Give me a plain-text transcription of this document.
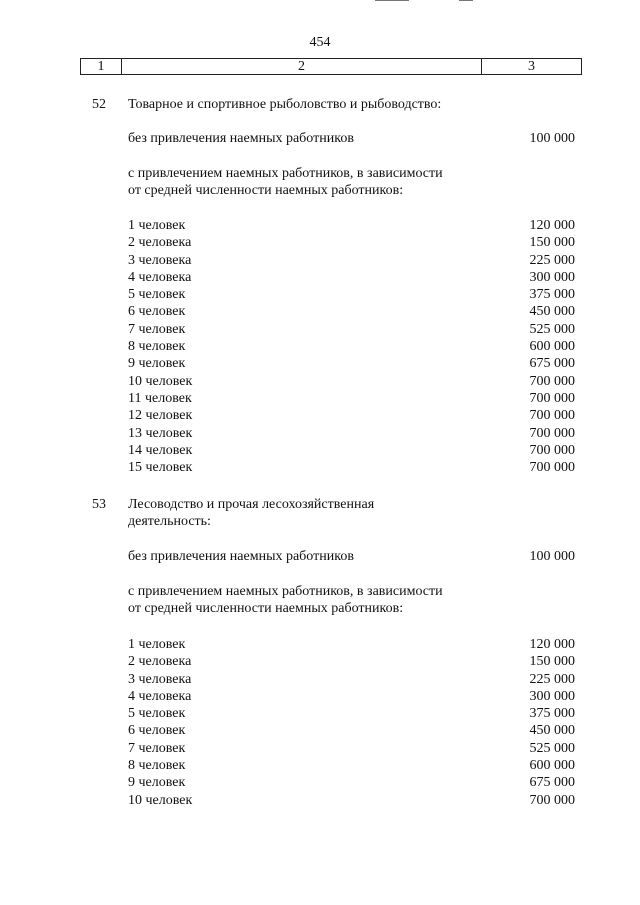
454
1	2	3
52 Товарное и спортивное рыболовство и рыбоводство:
без привлечения наемных работников	100 000
с привлечением наемных работников, в зависимости
от средней численности наемных работников:
1 человек	120 000
2 человека	150 000
3 человека	225 000
4 человека	300 000
5 человек	375 000
6 человек	450 000
7 человек	525 000
8 человек	600 000
9 человек	675 000
10 человек	700 000
11 человек	700 000
12 человек	700 000
13 человек	700 000
14 человек	700 000
15 человек	700 000
53 Лесоводство и прочая лесохозяйственная
деятельность:
без привлечения наемных работников	100 000
с привлечением наемных работников, в зависимости
от средней численности наемных работников:
1 человек	120 000
2 человека	150 000
3 человека	225 000
4 человека	300 000
5 человек	375 000
6 человек	450 000
7 человек	525 000
8 человек	600 000
9 человек	675 000
10 человек	700 000
